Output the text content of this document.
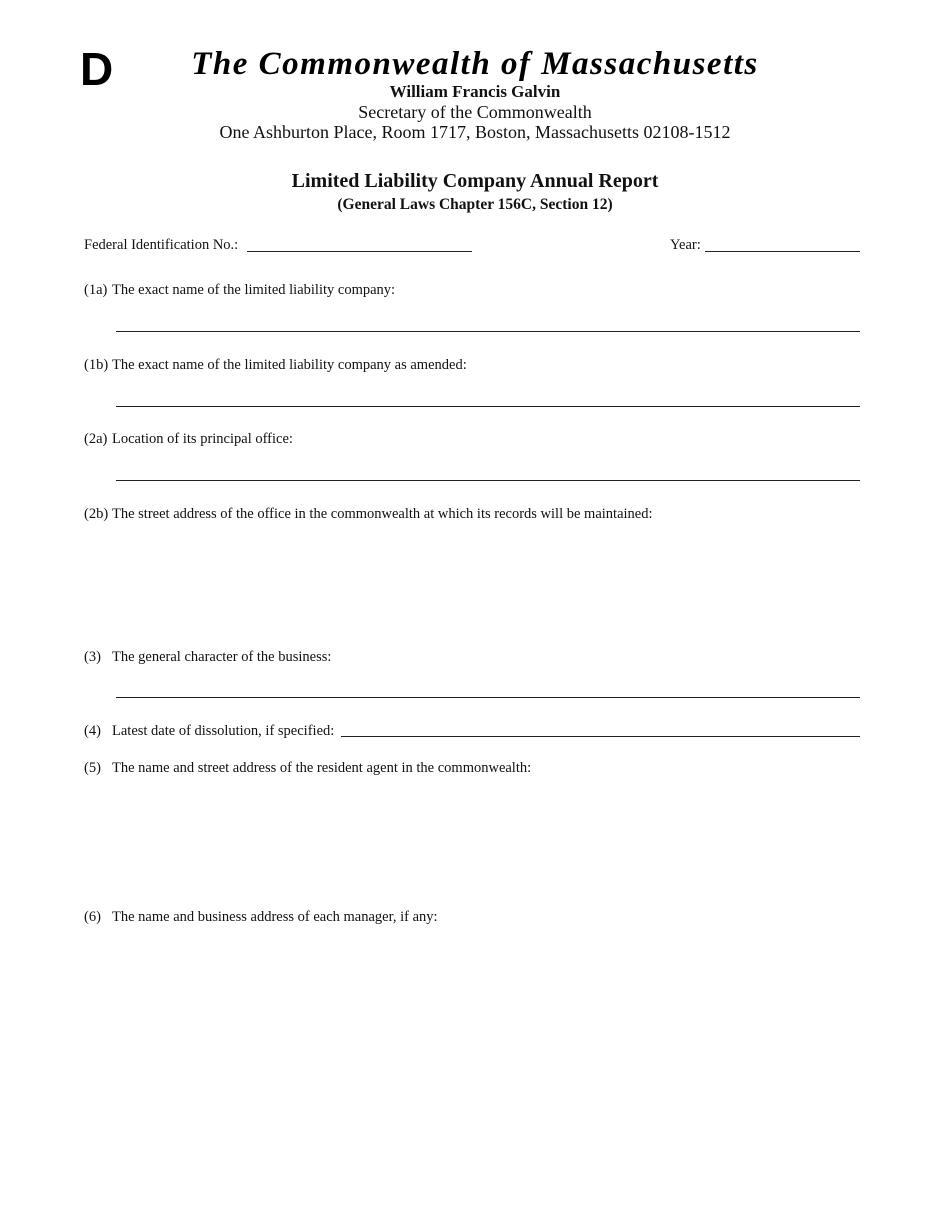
D	The Commonwealth of Massachusetts
William Francis Galvin
Secretary of the Commonwealth
One Ashburton Place, Room 1717, Boston, Massachusetts 02108-1512
Limited Liability Company Annual Report
(General Laws Chapter 156C, Section 12)
Federal Identification No.:	Year:
(1a) The exact name of the limited liability company:
(1b) The exact name of the limited liability company as amended:
(2a) Location of its principal office:
(2b) The street address of the office in the commonwealth at which its records will be maintained:
(3) The general character of the business:
(4) Latest date of dissolution, if specified:
(5) The name and street address of the resident agent in the commonwealth:
(6) The name and business address of each manager, if any:
